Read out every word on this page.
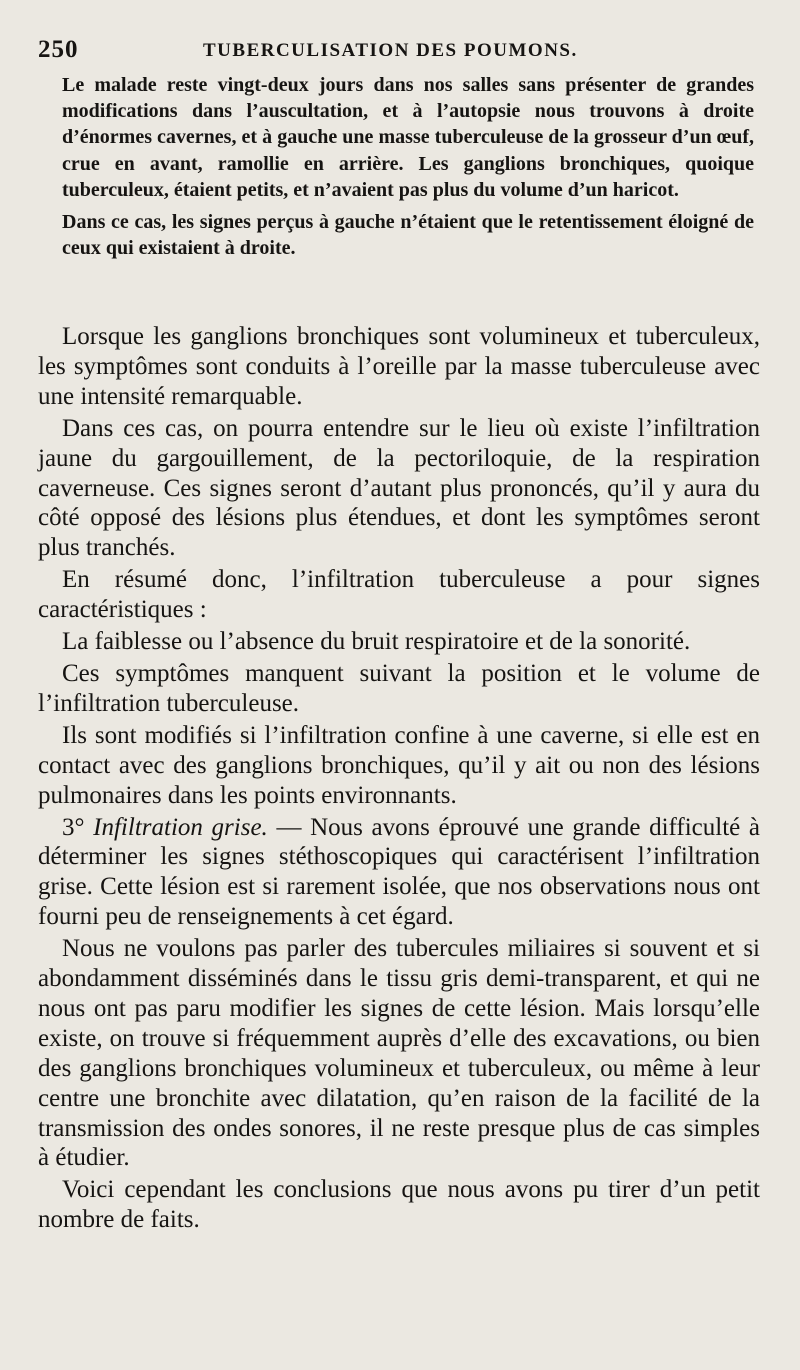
250	TUBERCULISATION DES POUMONS.

Le malade reste vingt-deux jours dans nos salles sans présenter de grandes modifications dans l’auscultation, et à l’autopsie nous trouvons à droite d’énormes cavernes, et à gauche une masse tuberculeuse de la grosseur d’un œuf, crue en avant, ramollie en arrière. Les ganglions bronchiques, quoique tuberculeux, étaient petits, et n’avaient pas plus du volume d’un haricot.

Dans ce cas, les signes perçus à gauche n’étaient que le retentissement éloigné de ceux qui existaient à droite.

Lorsque les ganglions bronchiques sont volumineux et tuberculeux, les symptômes sont conduits à l’oreille par la masse tuberculeuse avec une intensité remarquable.

Dans ces cas, on pourra entendre sur le lieu où existe l’infiltration jaune du gargouillement, de la pectoriloquie, de la respiration caverneuse. Ces signes seront d’autant plus prononcés, qu’il y aura du côté opposé des lésions plus étendues, et dont les symptômes seront plus tranchés.

En résumé donc, l’infiltration tuberculeuse a pour signes caractéristiques :

La faiblesse ou l’absence du bruit respiratoire et de la sonorité.

Ces symptômes manquent suivant la position et le volume de l’infiltration tuberculeuse.

Ils sont modifiés si l’infiltration confine à une caverne, si elle est en contact avec des ganglions bronchiques, qu’il y ait ou non des lésions pulmonaires dans les points environnants.

3° Infiltration grise. — Nous avons éprouvé une grande difficulté à déterminer les signes stéthoscopiques qui caractérisent l’infiltration grise. Cette lésion est si rarement isolée, que nos observations nous ont fourni peu de renseignements à cet égard.

Nous ne voulons pas parler des tubercules miliaires si souvent et si abondamment disséminés dans le tissu gris demi-transparent, et qui ne nous ont pas paru modifier les signes de cette lésion. Mais lorsqu’elle existe, on trouve si fréquemment auprès d’elle des excavations, ou bien des ganglions bronchiques volumineux et tuberculeux, ou même à leur centre une bronchite avec dilatation, qu’en raison de la facilité de la transmission des ondes sonores, il ne reste presque plus de cas simples à étudier.

Voici cependant les conclusions que nous avons pu tirer d’un petit nombre de faits.
